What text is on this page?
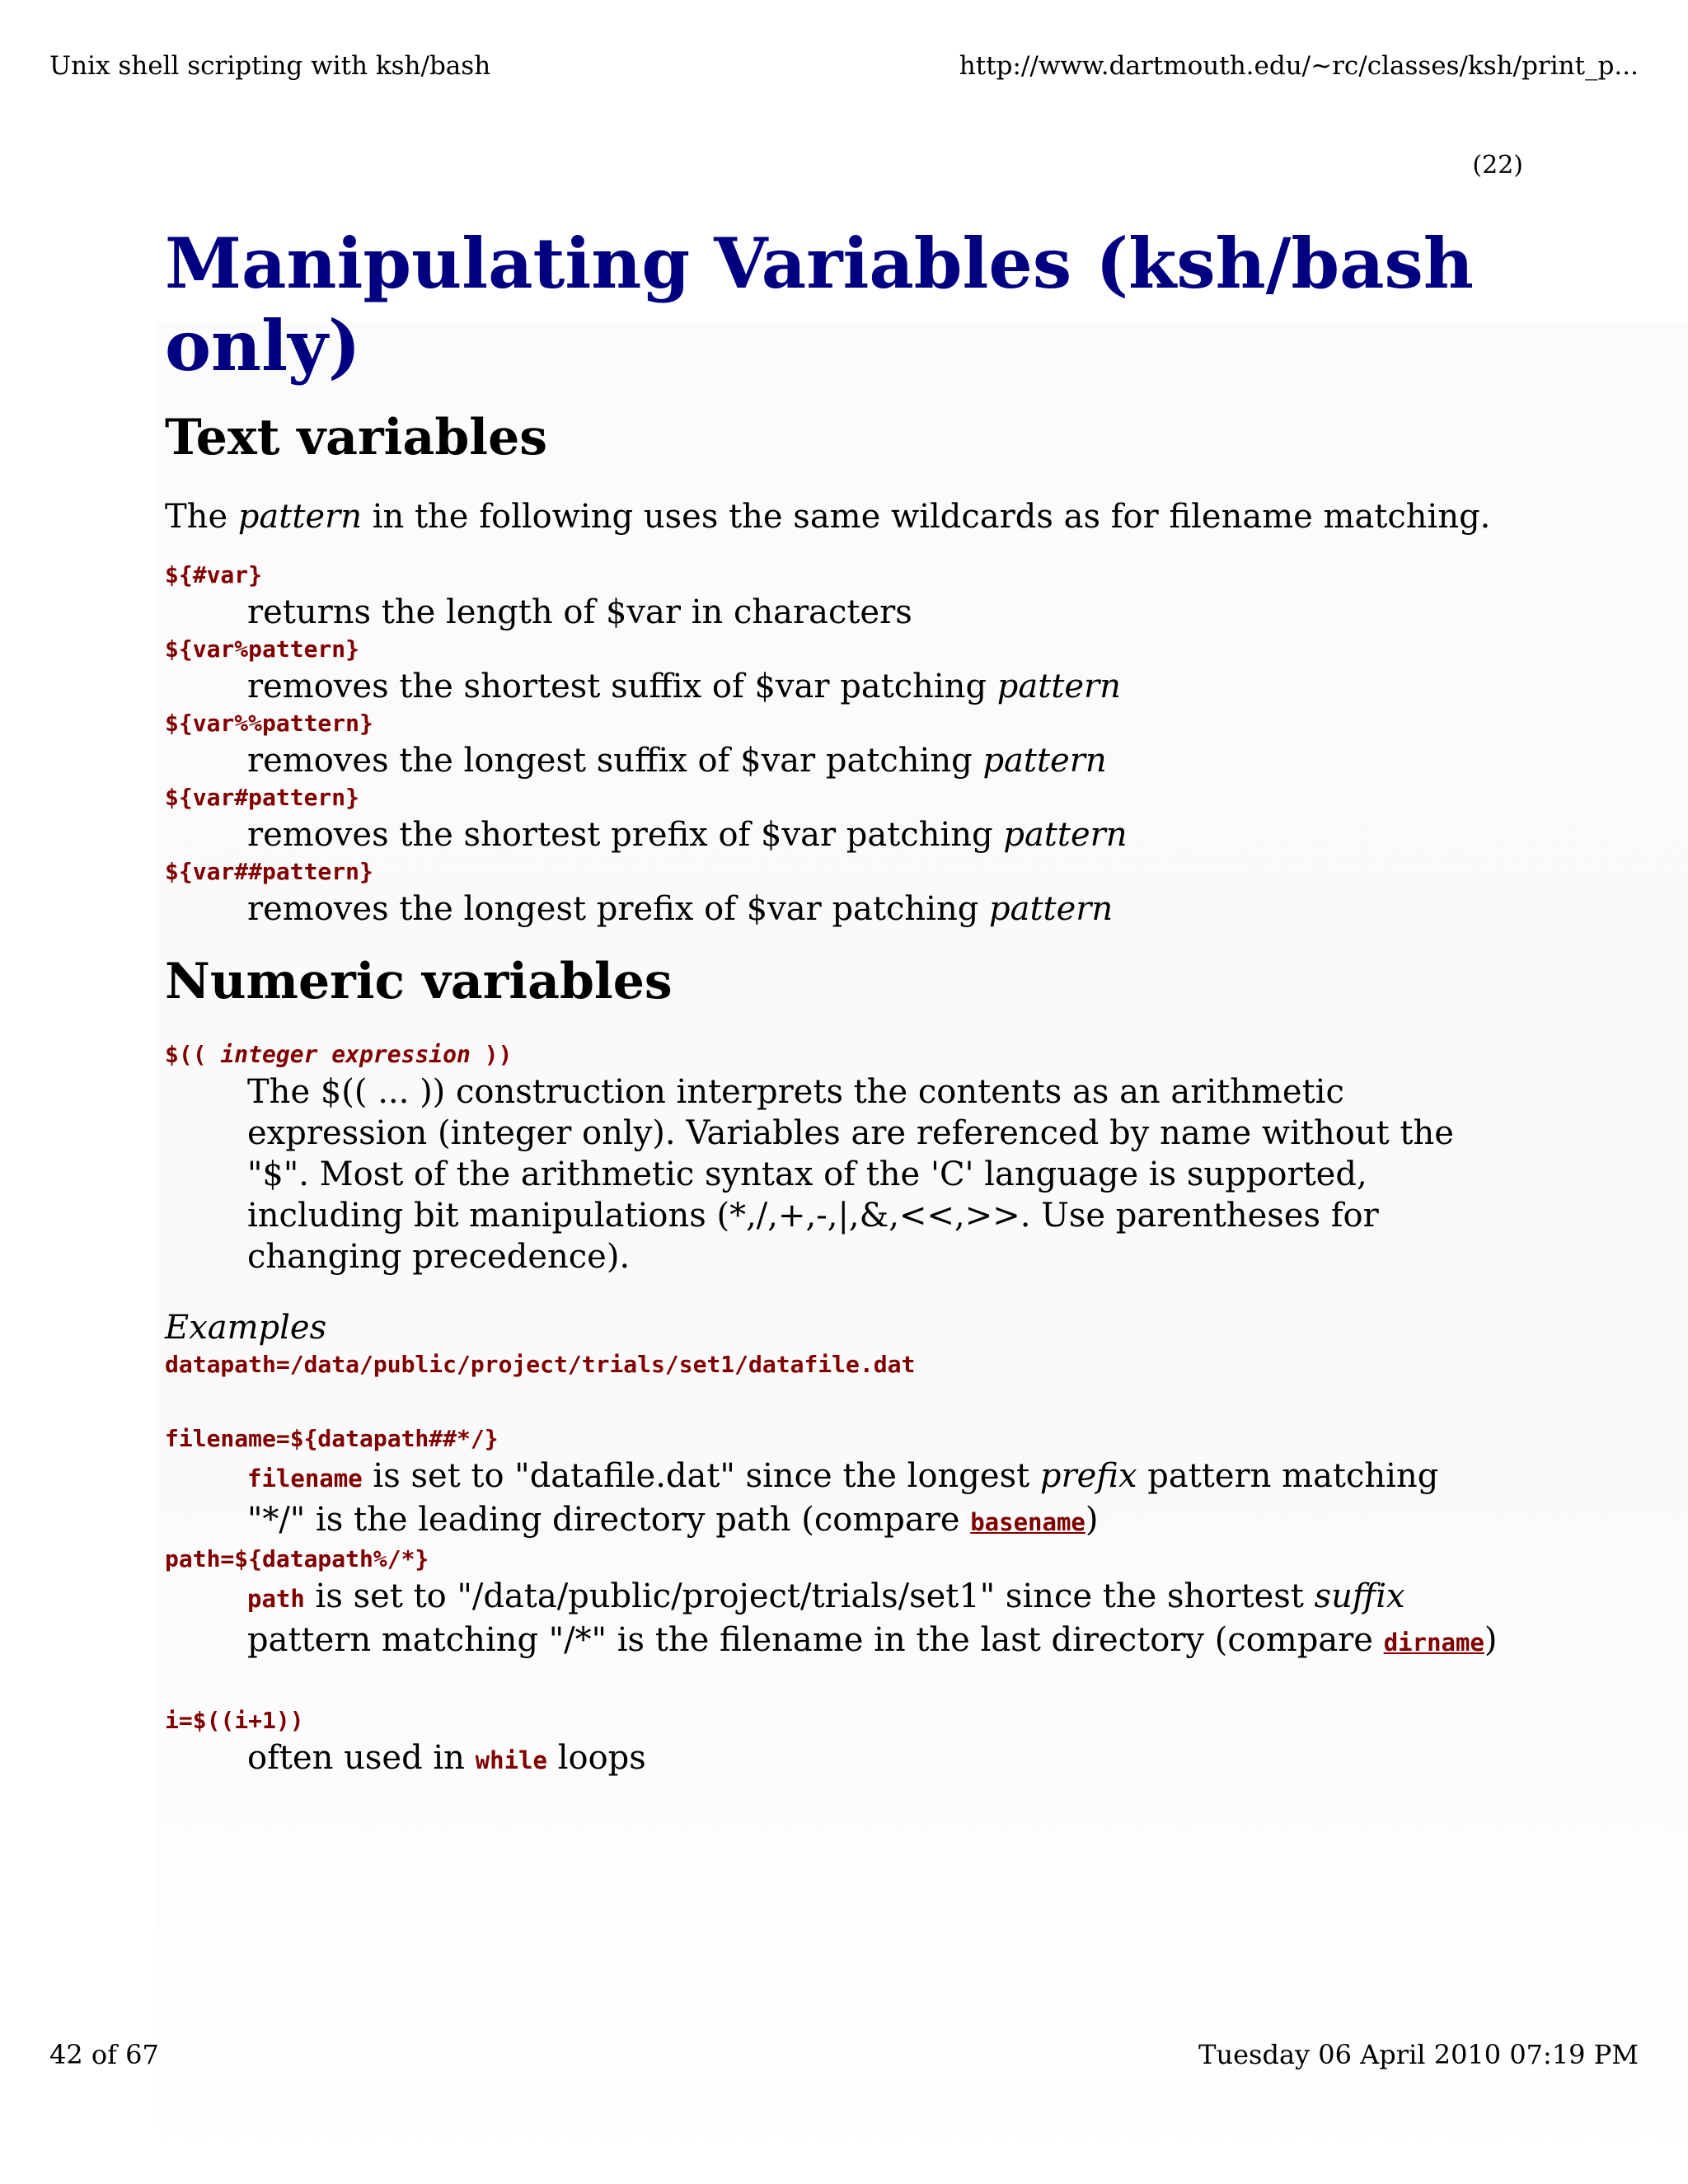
Unix shell scripting with ksh/bash	http://www.dartmouth.edu/~rc/classes/ksh/print_p...
(22)
Manipulating Variables (ksh/bash only)
Text variables

The pattern in the following uses the same wildcards as for filename matching.

${#var}
returns the length of $var in characters
${var%pattern}
removes the shortest suffix of $var patching pattern
${var%%pattern}
removes the longest suffix of $var patching pattern
${var#pattern}
removes the shortest prefix of $var patching pattern
${var##pattern}
removes the longest prefix of $var patching pattern
Numeric variables
$(( integer expression ))
The $(( ... )) construction interprets the contents as an arithmetic expression (integer only). Variables are referenced by name without the "$". Most of the arithmetic syntax of the 'C' language is supported, including bit manipulations (*,/,+,-,|,&,<<,>>. Use parentheses for changing precedence).

Examples

datapath=/data/public/project/trials/set1/datafile.dat
filename=${datapath##*/}
filename is set to "datafile.dat" since the longest prefix pattern matching "*/" is the leading directory path (compare basename)
path=${datapath%/*}
path is set to "/data/public/project/trials/set1" since the shortest suffix pattern matching "/*" is the filename in the last directory (compare dirname)
i=$((i+1))
often used in while loops
42 of 67	Tuesday 06 April 2010 07:19 PM
